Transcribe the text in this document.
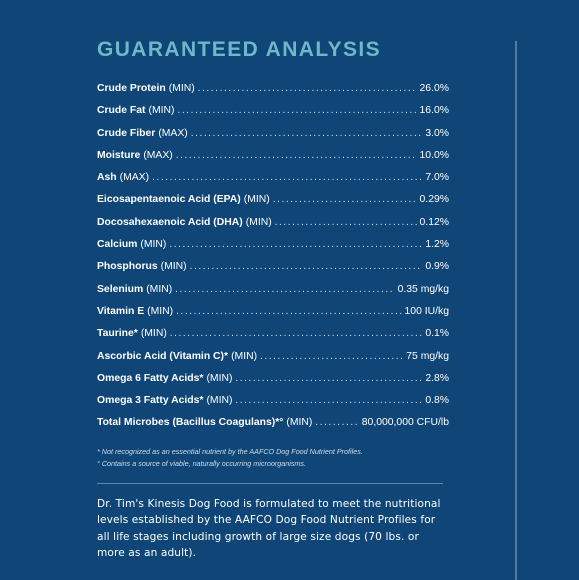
GUARANTEED ANALYSIS
Crude Protein (MIN) .....	26.0%
Crude Fat (MIN) .....	16.0%
Crude Fiber (MAX) .....	3.0%
Moisture (MAX) .....	10.0%
Ash (MAX) .....	7.0%
Eicosapentaenoic Acid (EPA) (MIN) .....	0.29%
Docosahexaenoic Acid (DHA) (MIN) .....	0.12%
Calcium (MIN) .....	1.2%
Phosphorus (MIN) .....	0.9%
Selenium (MIN) .....	0.35 mg/kg
Vitamin E (MIN) .....	100 IU/kg
Taurine* (MIN) .....	0.1%
Ascorbic Acid (Vitamin C)* (MIN) .....	75 mg/kg
Omega 6 Fatty Acids* (MIN) .....	2.8%
Omega 3 Fatty Acids* (MIN) .....	0.8%
Total Microbes (Bacillus Coagulans)*° (MIN) .....	80,000,000 CFU/lb
* Not recognized as an essential nutrient by the AAFCO Dog Food Nutrient Profiles.
° Contains a source of viable, naturally occurring microorganisms.

Dr. Tim's Kinesis Dog Food is formulated to meet the nutritional levels established by the AAFCO Dog Food Nutrient Profiles for all life stages including growth of large size dogs (70 lbs. or more as an adult).
